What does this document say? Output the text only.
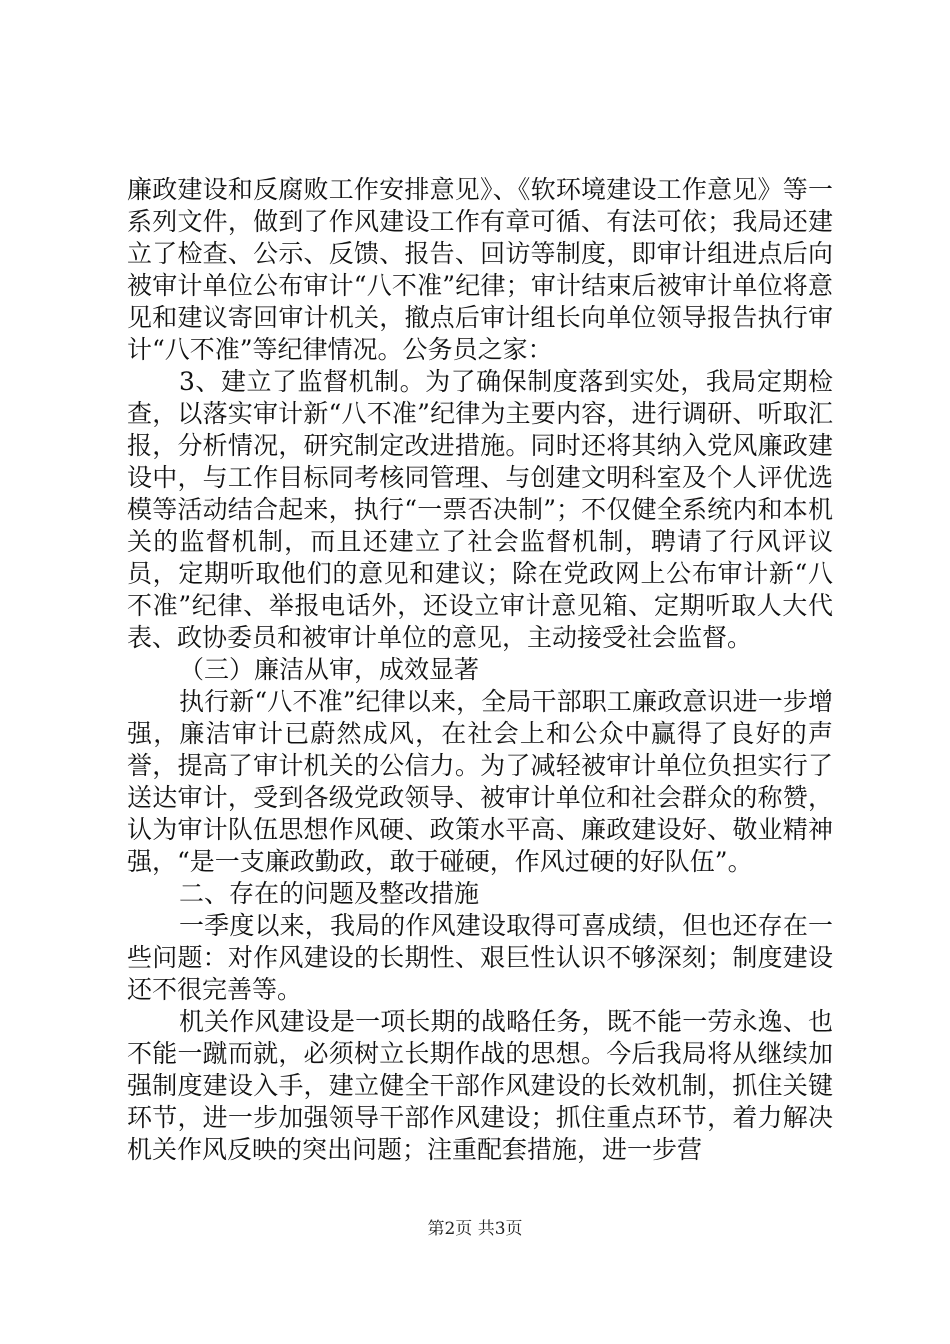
廉政建设和反腐败工作安排意见》、《软环境建设工作意见》等一系列文件，做到了作风建设工作有章可循、有法可依；我局还建立了检查、公示、反馈、报告、回访等制度，即审计组进点后向被审计单位公布审计“八不准”纪律；审计结束后被审计单位将意见和建议寄回审计机关，撤点后审计组长向单位领导报告执行审计“八不准”等纪律情况。公务员之家：

3、建立了监督机制。为了确保制度落到实处，我局定期检查，以落实审计新“八不准”纪律为主要内容，进行调研、听取汇报，分析情况，研究制定改进措施。同时还将其纳入党风廉政建设中，与工作目标同考核同管理、与创建文明科室及个人评优选模等活动结合起来，执行“一票否决制”；不仅健全系统内和本机关的监督机制，而且还建立了社会监督机制，聘请了行风评议员，定期听取他们的意见和建议；除在党政网上公布审计新“八不准”纪律、举报电话外，还设立审计意见箱、定期听取人大代表、政协委员和被审计单位的意见，主动接受社会监督。

（三）廉洁从审，成效显著

执行新“八不准”纪律以来，全局干部职工廉政意识进一步增强，廉洁审计已蔚然成风，在社会上和公众中赢得了良好的声誉，提高了审计机关的公信力。为了减轻被审计单位负担实行了送达审计，受到各级党政领导、被审计单位和社会群众的称赞，认为审计队伍思想作风硬、政策水平高、廉政建设好、敬业精神强，“是一支廉政勤政，敢于碰硬，作风过硬的好队伍”。

二、存在的问题及整改措施

一季度以来，我局的作风建设取得可喜成绩，但也还存在一些问题：对作风建设的长期性、艰巨性认识不够深刻；制度建设还不很完善等。

机关作风建设是一项长期的战略任务，既不能一劳永逸、也不能一蹴而就，必须树立长期作战的思想。今后我局将从继续加强制度建设入手，建立健全干部作风建设的长效机制，抓住关键环节，进一步加强领导干部作风建设；抓住重点环节，着力解决机关作风反映的突出问题；注重配套措施，进一步营

第2页 共3页
